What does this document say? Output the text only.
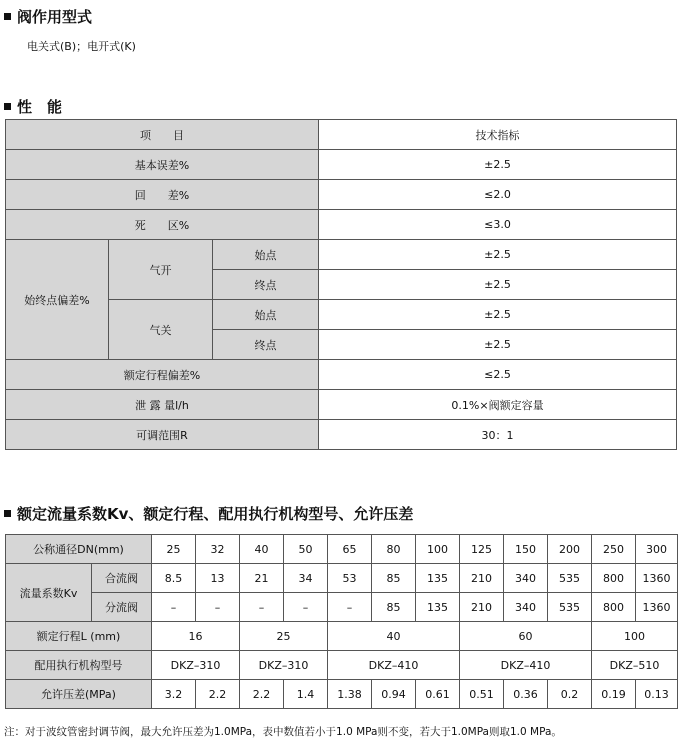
阀作用型式
电关式(B)；电开式(K)
性　能
项　　目			技术指标
基本误差%			±2.5
回　　差%			≤2.0
死　　区%			≤3.0
始终点偏差%	气开	始点	±2.5
		终点	±2.5
	气关	始点	±2.5
		终点	±2.5
额定行程偏差%			≤2.5
泄 露 量l/h			0.1%×阀额定容量
可调范围R			30：1
额定流量系数Kv、额定行程、配用执行机构型号、允许压差
公称通径DN(mm)		25	32	40	50	65	80	100	125	150	200	250	300
流量系数Kv	合流阀	8.5	13	21	34	53	85	135	210	340	535	800	1360
	分流阀	–	–	–	–	–	85	135	210	340	535	800	1360
额定行程L (mm)		16		25		40			60			100	
配用执行机构型号		DKZ–310		DKZ–310		DKZ–410			DKZ–410			DKZ–510	
允许压差(MPa)		3.2	2.2	2.2	1.4	1.38	0.94	0.61	0.51	0.36	0.2	0.19	0.13
注：对于波纹管密封调节阀，最大允许压差为1.0MPa，表中数值若小于1.0 MPa则不变，若大于1.0MPa则取1.0 MPa。
